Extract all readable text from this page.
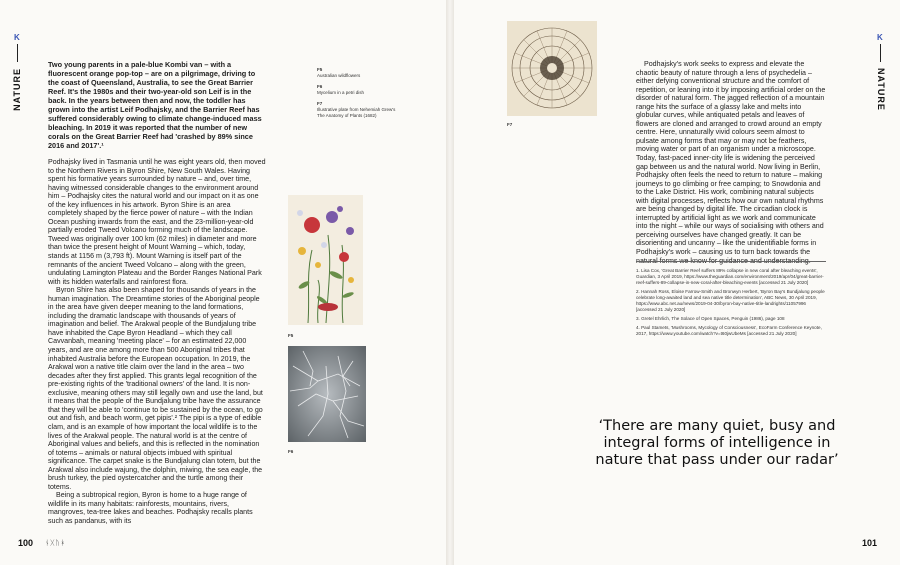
NATURE
K
NATURE
K
Two young parents in a pale-blue Kombi van – with a fluorescent orange pop-top – are on a pilgrimage, driving to the coast of Queensland, Australia, to see the Great Barrier Reef. It's the 1980s and their two-year-old son Leif is in the back. In the years between then and now, the toddler has grown into the artist Leif Podhajsky, and the Barrier Reef has suffered considerably owing to climate change-induced mass bleaching. In 2019 it was reported that the number of new corals on the Great Barrier Reef had 'crashed by 89% since 2016 and 2017'.¹

Podhajsky lived in Tasmania until he was eight years old, then moved to the Northern Rivers in Byron Shire, New South Wales. Having spent his formative years surrounded by nature – and, over time, having witnessed considerable changes to the environment around him – Podhajsky cites the natural world and our impact on it as one of the key influences in his artwork. Byron Shire is an area completely shaped by the fierce power of nature – with the Indian Ocean pushing inwards from the east, and the 23-million-year-old partially eroded Tweed Volcano forming much of the landscape. Tweed was originally over 100 km (62 miles) in diameter and more than twice the present height of Mount Warning – which, today, stands at 1156 m (3,793 ft). Mount Warning is itself part of the remnants of the ancient Tweed Volcano – along with the green, undulating Lamington Plateau and the Border Ranges National Park with its hidden waterfalls and rainforest flora.

Byron Shire has also been shaped for thousands of years in the human imagination. The Dreamtime stories of the Aboriginal people in the area have given deeper meaning to the land formations, including the dramatic landscape with thousands of years of imagination and belief. The Arakwal people of the Bundjalung tribe have inhabited the Cape Byron Headland – which they call Cavvanbah, meaning 'meeting place' – for an estimated 22,000 years, and are one among more than 500 Aboriginal tribes that inhabited Australia before the European occupation. In 2019, the Arakwal won a native title claim over the land in the area – two decades after they first applied. This grants legal recognition of the pre-existing rights of the 'traditional owners' of the land. It is non-exclusive, meaning others may still legally own and use the land, but it means that the people of the Bundjalung tribe have the assurance that they will be able to 'continue to be sustained by the ocean, to go out and fish, and beach worm, get pipis'.² The pipi is a type of edible clam, and is an example of how important the local wildlife is to the lives of the Arakwal people. The natural world is at the centre of Aboriginal values and beliefs, and this is reflected in the nomination of totems – animals or natural objects imbued with spiritual significance. The carpet snake is the Bundjalung clan totem, but the Arakwal also include wajung, the dolphin, miwing, the sea eagle, the brush turkey, the pied oystercatcher and the turtle among their totems.

Being a subtropical region, Byron is home to a huge range of wildlife in its many habitats: rainforests, mountains, rivers, mangroves, tea-tree lakes and beaches. Podhajsky recalls plants such as pandanus, with its

F5
Australian wildflowers
F6
Mycelium in a petri dish
F7
Illustrative plate from Nehemiah Grew's The Anatomy of Plants (1682)
F5
F6
F7

Podhajsky's work seeks to express and elevate the chaotic beauty of nature through a lens of psychedelia – either defying conventional structure and the comfort of repetition, or leaning into it by imposing artificial order on the disorder of natural form. The jagged reflection of a mountain range hits the surface of a glassy lake and melts into globular curves, while antiquated petals and leaves of flowers are cloned and arranged to crowd around an empty centre. Here, unnaturally vivid colours seem almost to pulsate among forms that may or may not be feathers, moving water or part of an organism under a microscope. Today, fast-paced inner-city life is widening the perceived gap between us and the natural world. Now living in Berlin, Podhajsky often feels the need to return to nature – making journeys to go climbing or free camping; to Snowdonia and to the Lake District. His work, combining natural subjects with digital processes, reflects how our own natural rhythms are being changed by digital life. The circadian clock is interrupted by artificial light as we work and communicate into the night – while our ways of socialising with others and perceiving ourselves have changed greatly. It can be disorienting and uncanny – like the unidentifiable forms in Podhajsky's work – causing us to turn back towards the natural forms we know for guidance and understanding.

1. Lisa Cox, 'Great Barrier Reef suffers 89% collapse in new coral after bleaching events', Guardian, 3 April 2019, https://www.theguardian.com/environment/2019/apr/04/great-barrier-reef-suffers-89-collapse-in-new-coral-after-bleaching-events [accessed 21 July 2020]
2. Hannah Ross, Eloise Farrow-Smith and Bronwyn Herbert, 'Byron Bay's Bundjalung people celebrate long-awaited land and sea native title determination', ABC News, 30 April 2019, https://www.abc.net.au/news/2019-04-30/byron-bay-native-title-landrights/11057996 [accessed 21 July 2020]
3. Gretel Ehrlich, The Solace of Open Spaces, Penguin (1986), page 108
4. Paul Stamets, 'Mushrooms, Mycology of Consciousness', EcoFarm Conference Keynote, 2017, https://www.youtube.com/watch?v=t60jwUbeMs [accessed 21 July 2020]
‘There are many quiet, busy and integral forms of intelligence in nature that pass under our radar’
100 ᚾᚷᚢᚼ	101
